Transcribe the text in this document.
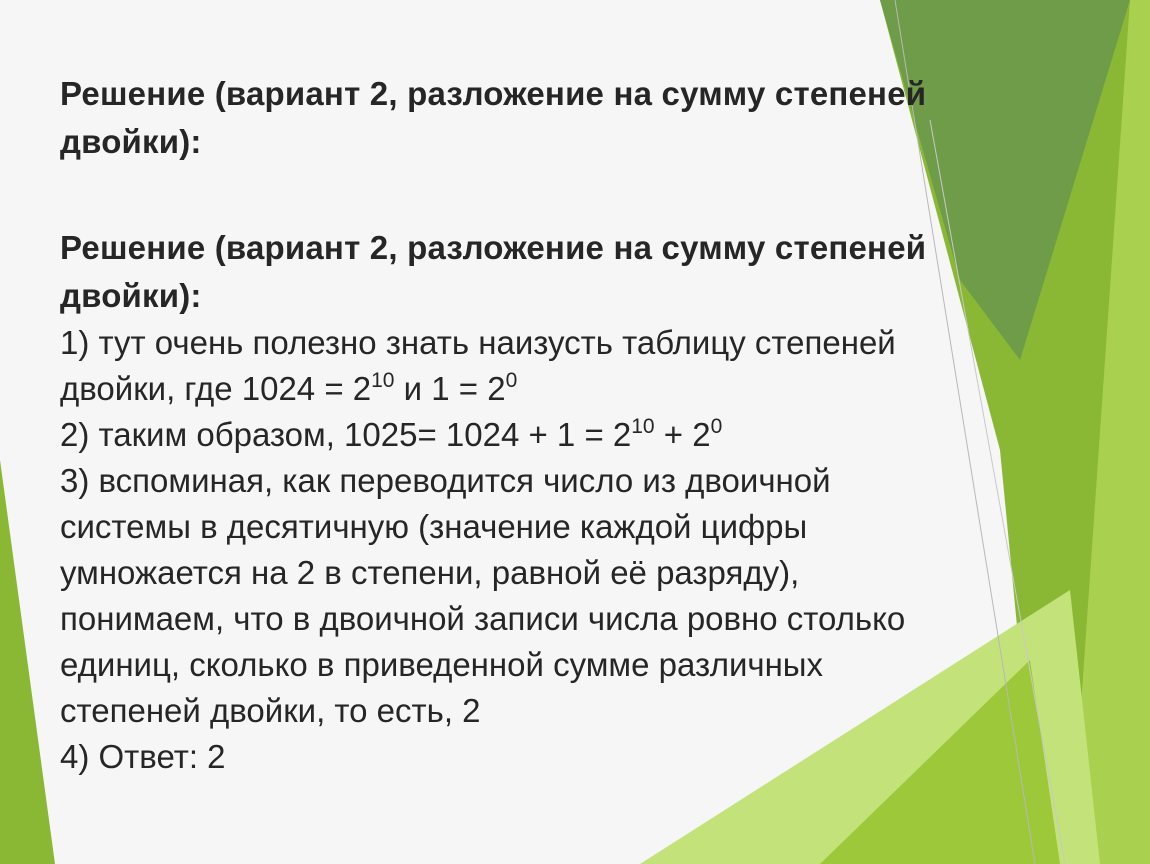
Решение (вариант 2, разложение на сумму степеней
двойки):
Решение (вариант 2, разложение на сумму степеней
двойки):

1) тут очень полезно знать наизусть таблицу степеней

двойки, где $1024 = 2^{10}$ и $1 = 2^0$

2) таким образом, $1025= 1024 + 1 = 2^{10} + 2^0$

3) вспоминая, как переводится число из двоичной

системы в десятичную (значение каждой цифры

умножается на 2 в степени, равной её разряду),

понимаем, что в двоичной записи числа ровно столько

единиц, сколько в приведенной сумме различных

степеней двойки, то есть, 2

4) Ответ: 2
